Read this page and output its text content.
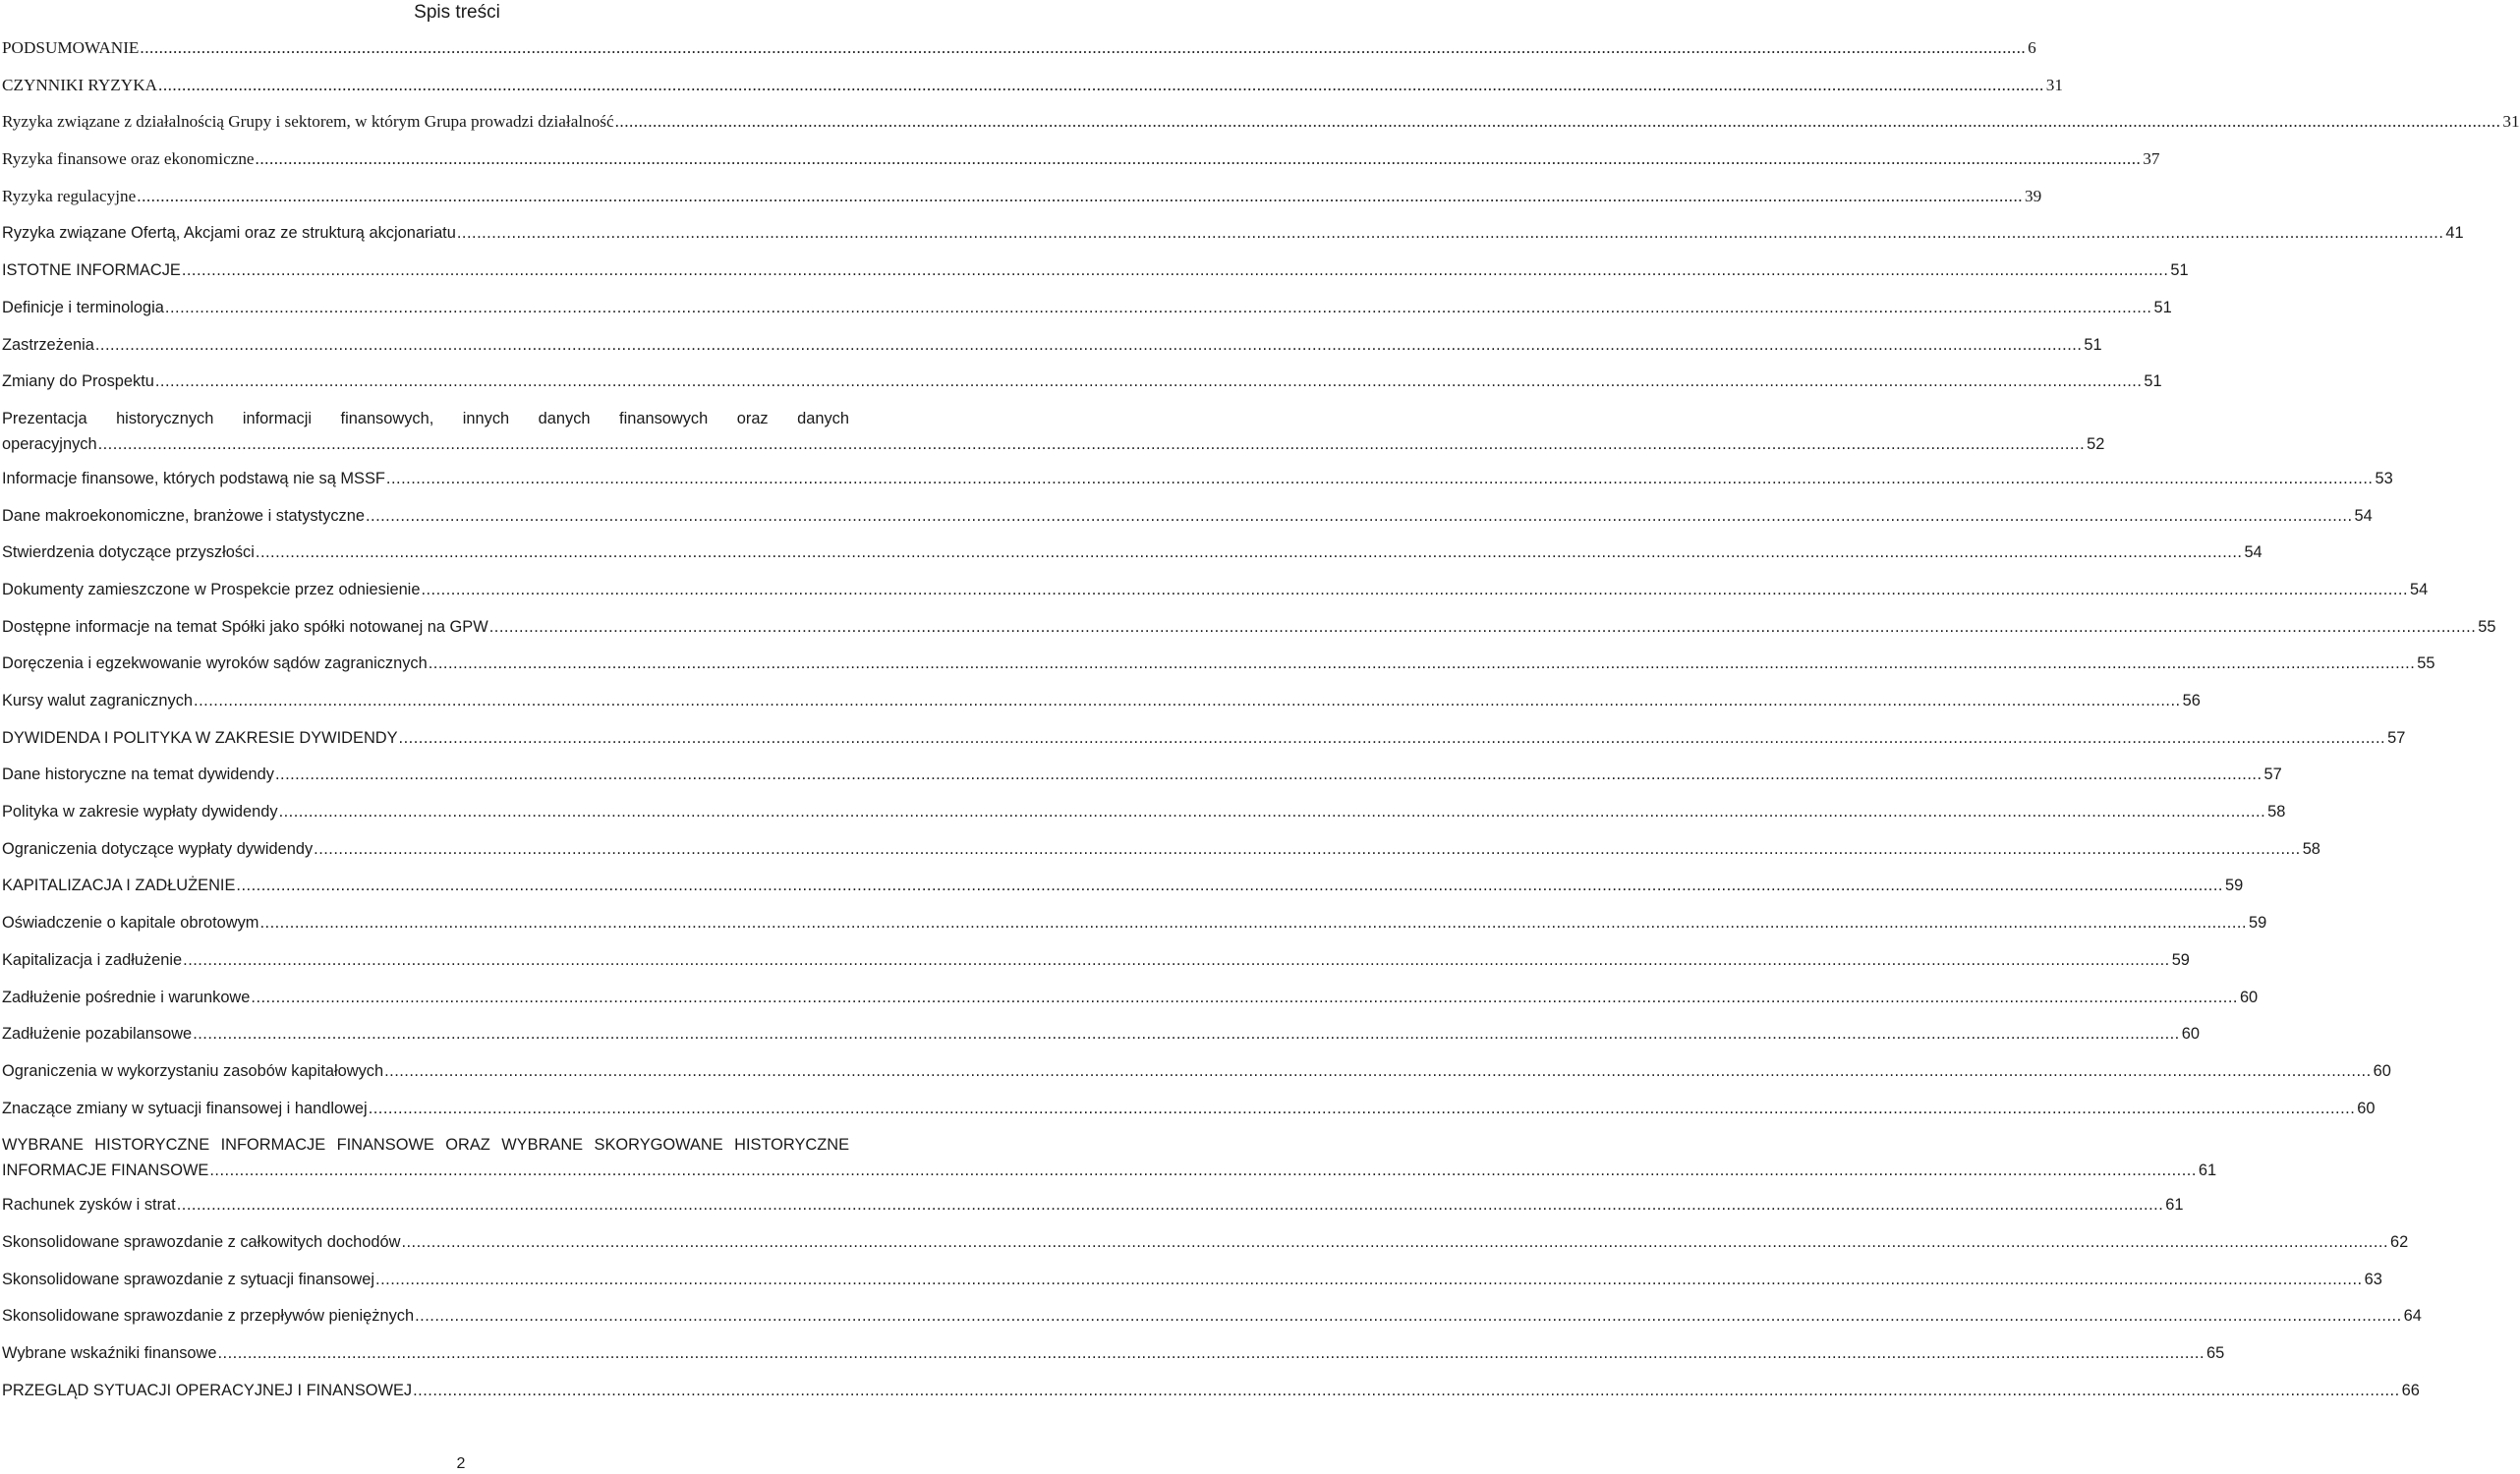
Spis treści
PODSUMOWANIE ................................................................................................................................................................................................................................................................................................................................................................................................................ 6
CZYNNIKI RYZYKA ................................................................................................................................................................................................................................................................................................................................................................................................................ 31
Ryzyka związane z działalnością Grupy i sektorem, w którym Grupa prowadzi działalność ................................................................................................................................................................................................................................................................................................................................................................................................................ 31
Ryzyka finansowe oraz ekonomiczne ................................................................................................................................................................................................................................................................................................................................................................................................................ 37
Ryzyka regulacyjne ................................................................................................................................................................................................................................................................................................................................................................................................................ 39
Ryzyka związane Ofertą, Akcjami oraz ze strukturą akcjonariatu ................................................................................................................................................................................................................................................................................................................................................................................................................ 41
ISTOTNE INFORMACJE ................................................................................................................................................................................................................................................................................................................................................................................................................ 51
Definicje i terminologia ................................................................................................................................................................................................................................................................................................................................................................................................................ 51
Zastrzeżenia ................................................................................................................................................................................................................................................................................................................................................................................................................ 51
Zmiany do Prospektu ................................................................................................................................................................................................................................................................................................................................................................................................................ 51
Prezentacja historycznych informacji finansowych, innych danych finansowych oraz danych
operacyjnych ................................................................................................................................................................................................................................................................................................................................................................................................................ 52
Informacje finansowe, których podstawą nie są MSSF ................................................................................................................................................................................................................................................................................................................................................................................................................ 53
Dane makroekonomiczne, branżowe i statystyczne ................................................................................................................................................................................................................................................................................................................................................................................................................ 54
Stwierdzenia dotyczące przyszłości ................................................................................................................................................................................................................................................................................................................................................................................................................ 54
Dokumenty zamieszczone w Prospekcie przez odniesienie ................................................................................................................................................................................................................................................................................................................................................................................................................ 54
Dostępne informacje na temat Spółki jako spółki notowanej na GPW ................................................................................................................................................................................................................................................................................................................................................................................................................ 55
Doręczenia i egzekwowanie wyroków sądów zagranicznych ................................................................................................................................................................................................................................................................................................................................................................................................................ 55
Kursy walut zagranicznych ................................................................................................................................................................................................................................................................................................................................................................................................................ 56
DYWIDENDA I POLITYKA W ZAKRESIE DYWIDENDY ................................................................................................................................................................................................................................................................................................................................................................................................................ 57
Dane historyczne na temat dywidendy ................................................................................................................................................................................................................................................................................................................................................................................................................ 57
Polityka w zakresie wypłaty dywidendy ................................................................................................................................................................................................................................................................................................................................................................................................................ 58
Ograniczenia dotyczące wypłaty dywidendy ................................................................................................................................................................................................................................................................................................................................................................................................................ 58
KAPITALIZACJA I ZADŁUŻENIE ................................................................................................................................................................................................................................................................................................................................................................................................................ 59
Oświadczenie o kapitale obrotowym ................................................................................................................................................................................................................................................................................................................................................................................................................ 59
Kapitalizacja i zadłużenie ................................................................................................................................................................................................................................................................................................................................................................................................................ 59
Zadłużenie pośrednie i warunkowe ................................................................................................................................................................................................................................................................................................................................................................................................................ 60
Zadłużenie pozabilansowe ................................................................................................................................................................................................................................................................................................................................................................................................................ 60
Ograniczenia w wykorzystaniu zasobów kapitałowych ................................................................................................................................................................................................................................................................................................................................................................................................................ 60
Znaczące zmiany w sytuacji finansowej i handlowej ................................................................................................................................................................................................................................................................................................................................................................................................................ 60
WYBRANE HISTORYCZNE INFORMACJE FINANSOWE ORAZ WYBRANE SKORYGOWANE HISTORYCZNE
INFORMACJE FINANSOWE ................................................................................................................................................................................................................................................................................................................................................................................................................ 61
Rachunek zysków i strat ................................................................................................................................................................................................................................................................................................................................................................................................................ 61
Skonsolidowane sprawozdanie z całkowitych dochodów ................................................................................................................................................................................................................................................................................................................................................................................................................ 62
Skonsolidowane sprawozdanie z sytuacji finansowej ................................................................................................................................................................................................................................................................................................................................................................................................................ 63
Skonsolidowane sprawozdanie z przepływów pieniężnych ................................................................................................................................................................................................................................................................................................................................................................................................................ 64
Wybrane wskaźniki finansowe ................................................................................................................................................................................................................................................................................................................................................................................................................ 65
PRZEGLĄD SYTUACJI OPERACYJNEJ I FINANSOWEJ ................................................................................................................................................................................................................................................................................................................................................................................................................ 66
2
